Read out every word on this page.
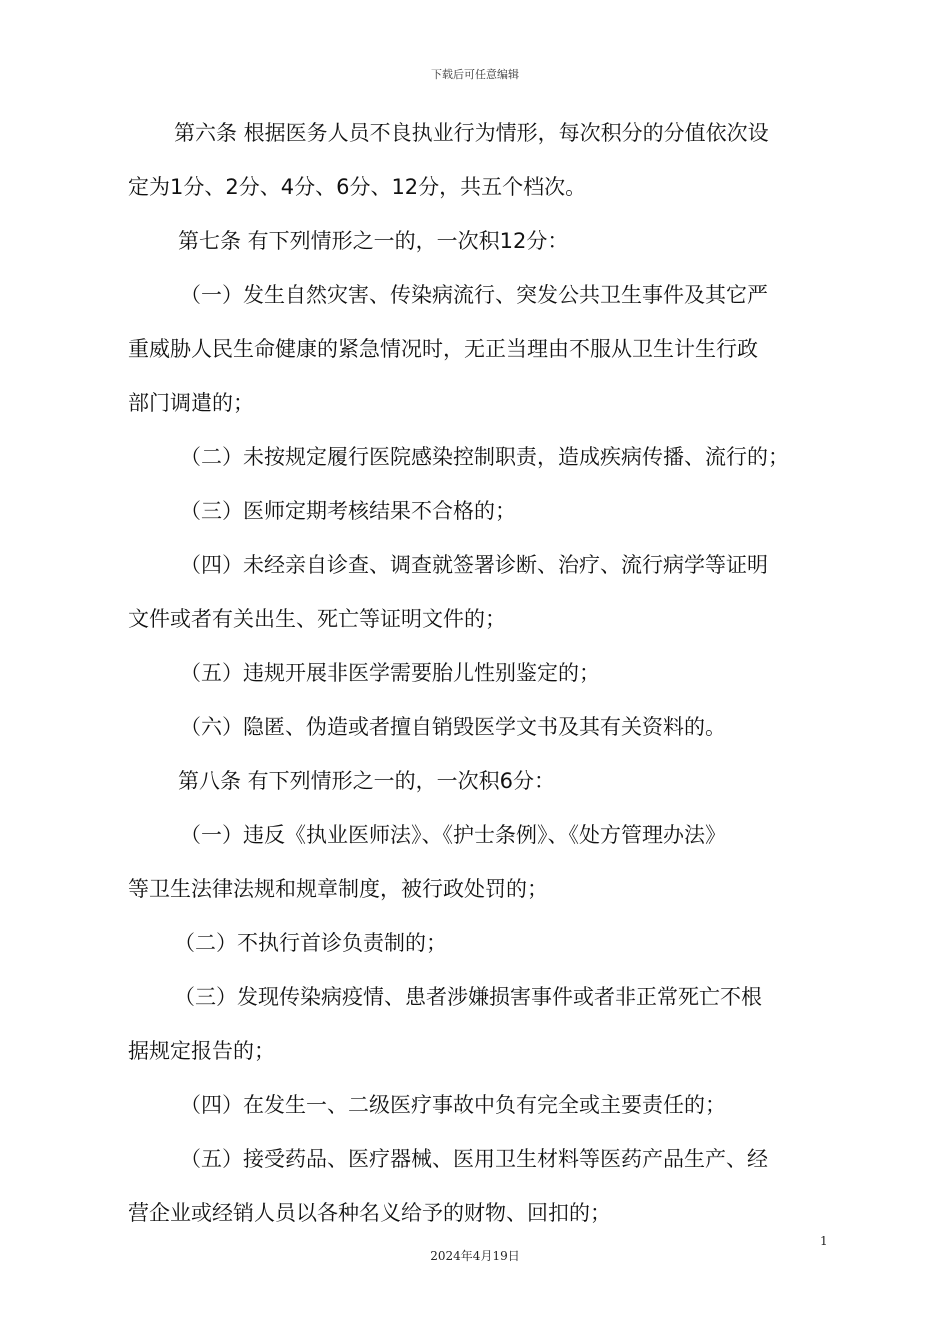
下载后可任意编辑
第六条 根据医务人员不良执业行为情形，每次积分的分值依次设
定为1分、2分、4分、6分、12分，共五个档次。
第七条 有下列情形之一的，一次积12分：
（一）发生自然灾害、传染病流行、突发公共卫生事件及其它严
重威胁人民生命健康的紧急情况时，无正当理由不服从卫生计生行政
部门调遣的；
（二）未按规定履行医院感染控制职责，造成疾病传播、流行的；
（三）医师定期考核结果不合格的；
（四）未经亲自诊查、调查就签署诊断、治疗、流行病学等证明
文件或者有关出生、死亡等证明文件的；
（五）违规开展非医学需要胎儿性别鉴定的；
（六）隐匿、伪造或者擅自销毁医学文书及其有关资料的。
第八条 有下列情形之一的，一次积6分：
（一）违反《执业医师法》、《护士条例》、《处方管理办法》
等卫生法律法规和规章制度，被行政处罚的；
（二）不执行首诊负责制的；
（三）发现传染病疫情、患者涉嫌损害事件或者非正常死亡不根
据规定报告的；
（四）在发生一、二级医疗事故中负有完全或主要责任的；
（五）接受药品、医疗器械、医用卫生材料等医药产品生产、经
营企业或经销人员以各种名义给予的财物、回扣的；
1
2024年4月19日
